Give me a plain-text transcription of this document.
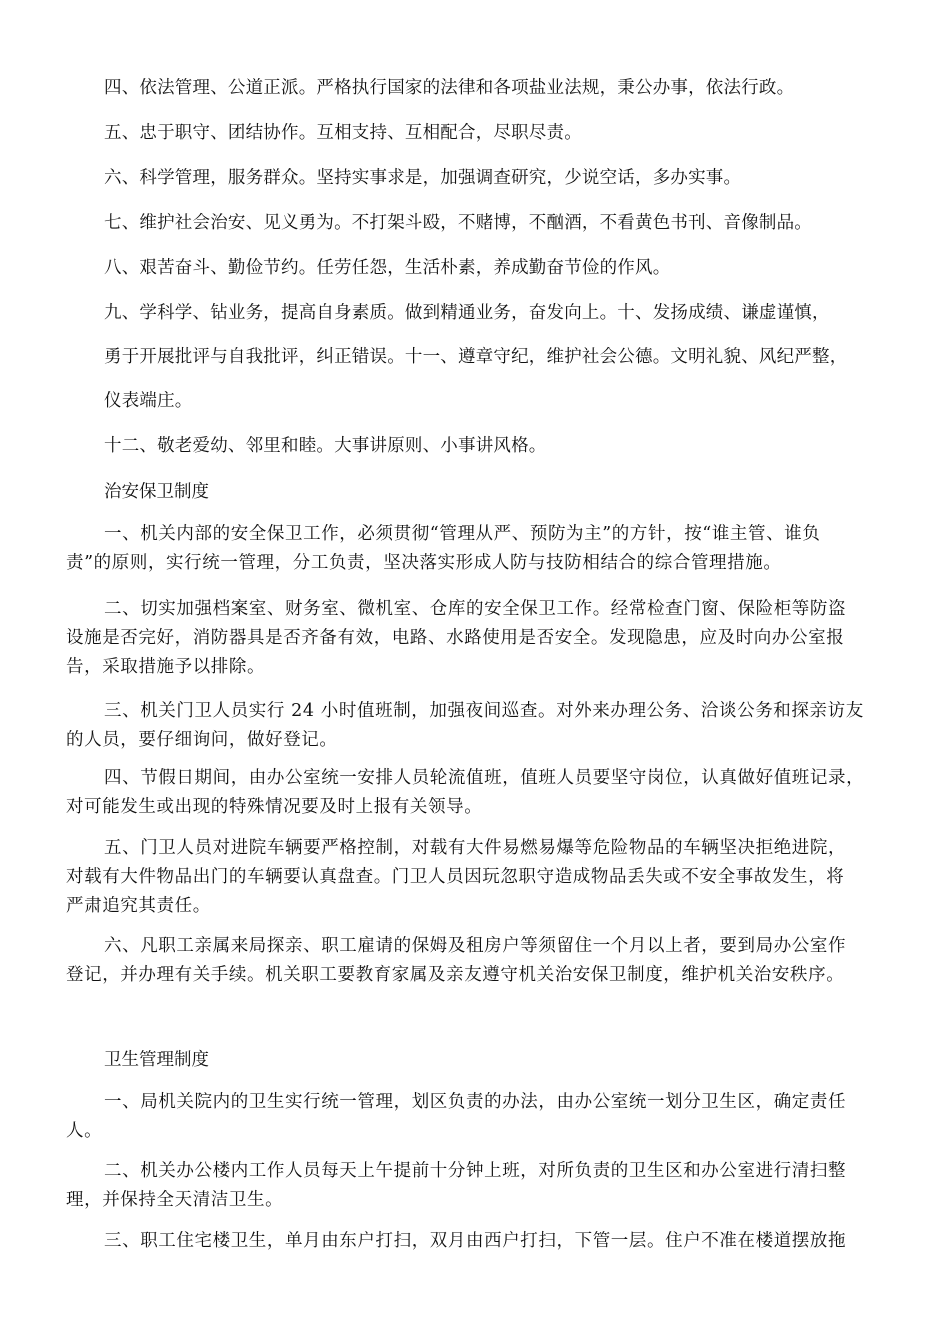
四、依法管理、公道正派。严格执行国家的法律和各项盐业法规，秉公办事，依法行政。
五、忠于职守、团结协作。互相支持、互相配合，尽职尽责。
六、科学管理，服务群众。坚持实事求是，加强调查研究，少说空话，多办实事。
七、维护社会治安、见义勇为。不打架斗殴，不赌博，不酗酒，不看黄色书刊、音像制品。
八、艰苦奋斗、勤俭节约。任劳任怨，生活朴素，养成勤奋节俭的作风。
九、学科学、钻业务，提高自身素质。做到精通业务，奋发向上。十、发扬成绩、谦虚谨慎，
勇于开展批评与自我批评，纠正错误。十一、遵章守纪，维护社会公德。文明礼貌、风纪严整，
仪表端庄。
十二、敬老爱幼、邻里和睦。大事讲原则、小事讲风格。
治安保卫制度
一、机关内部的安全保卫工作，必须贯彻“管理从严、预防为主”的方针，按“谁主管、谁负
责”的原则，实行统一管理，分工负责，坚决落实形成人防与技防相结合的综合管理措施。
二、切实加强档案室、财务室、微机室、仓库的安全保卫工作。经常检查门窗、保险柜等防盗
设施是否完好，消防器具是否齐备有效，电路、水路使用是否安全。发现隐患，应及时向办公室报
告，采取措施予以排除。
三、机关门卫人员实行 24 小时值班制，加强夜间巡查。对外来办理公务、洽谈公务和探亲访友
的人员，要仔细询问，做好登记。
四、节假日期间，由办公室统一安排人员轮流值班，值班人员要坚守岗位，认真做好值班记录，
对可能发生或出现的特殊情况要及时上报有关领导。
五、门卫人员对进院车辆要严格控制，对载有大件易燃易爆等危险物品的车辆坚决拒绝进院，
对载有大件物品出门的车辆要认真盘查。门卫人员因玩忽职守造成物品丢失或不安全事故发生，将
严肃追究其责任。
六、凡职工亲属来局探亲、职工雇请的保姆及租房户等须留住一个月以上者，要到局办公室作
登记，并办理有关手续。机关职工要教育家属及亲友遵守机关治安保卫制度，维护机关治安秩序。
卫生管理制度
一、局机关院内的卫生实行统一管理，划区负责的办法，由办公室统一划分卫生区，确定责任
人。
二、机关办公楼内工作人员每天上午提前十分钟上班，对所负责的卫生区和办公室进行清扫整
理，并保持全天清洁卫生。
三、职工住宅楼卫生，单月由东户打扫，双月由西户打扫，下管一层。住户不准在楼道摆放拖
